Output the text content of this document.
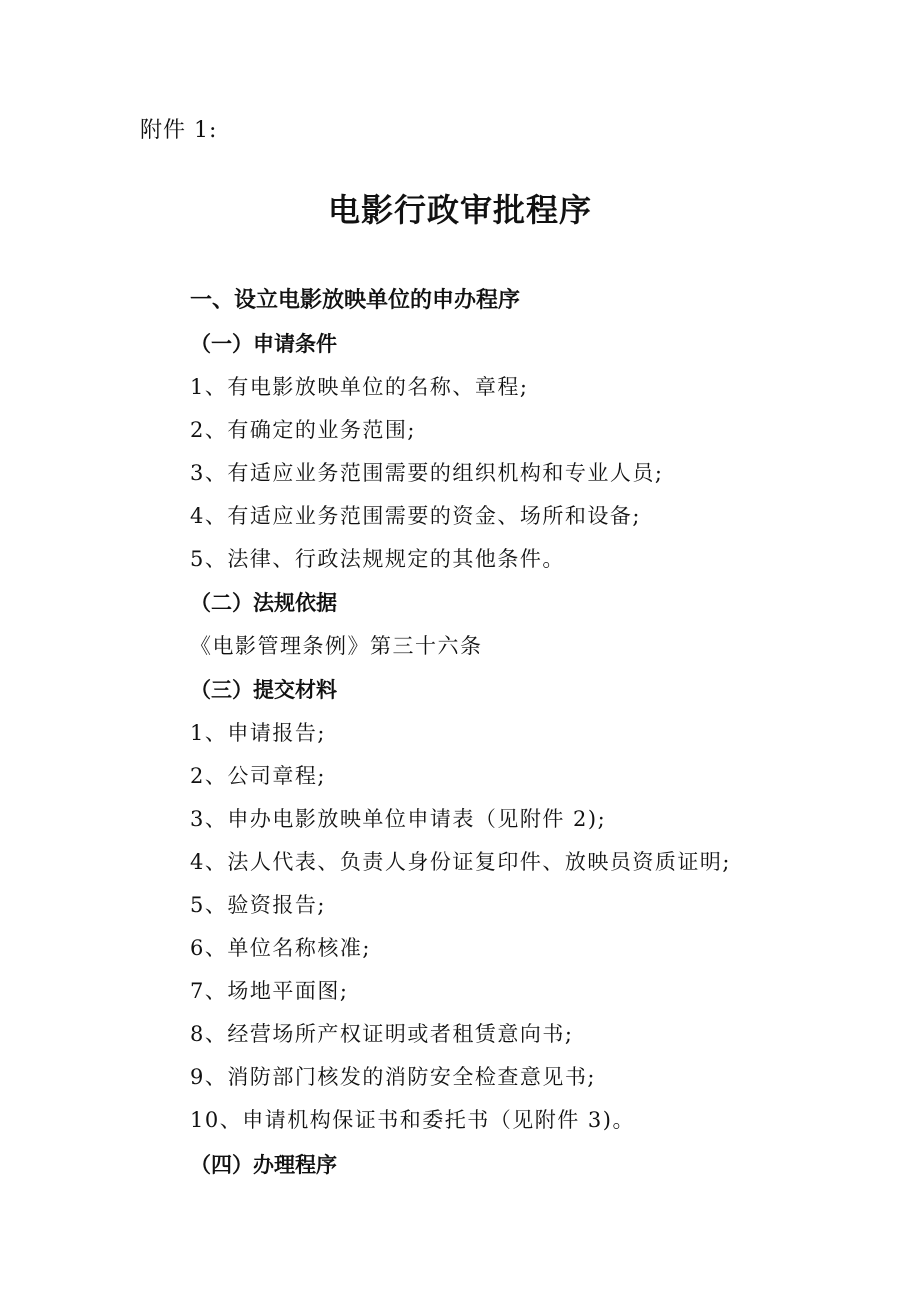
附件 1:
电影行政审批程序
一、设立电影放映单位的申办程序
（一）申请条件
1、有电影放映单位的名称、章程;
2、有确定的业务范围;
3、有适应业务范围需要的组织机构和专业人员;
4、有适应业务范围需要的资金、场所和设备;
5、法律、行政法规规定的其他条件。
（二）法规依据
《电影管理条例》第三十六条
（三）提交材料
1、申请报告;
2、公司章程;
3、申办电影放映单位申请表（见附件 2);
4、法人代表、负责人身份证复印件、放映员资质证明;
5、验资报告;
6、单位名称核准;
7、场地平面图;
8、经营场所产权证明或者租赁意向书;
9、消防部门核发的消防安全检查意见书;
10、申请机构保证书和委托书（见附件 3)。
（四）办理程序
